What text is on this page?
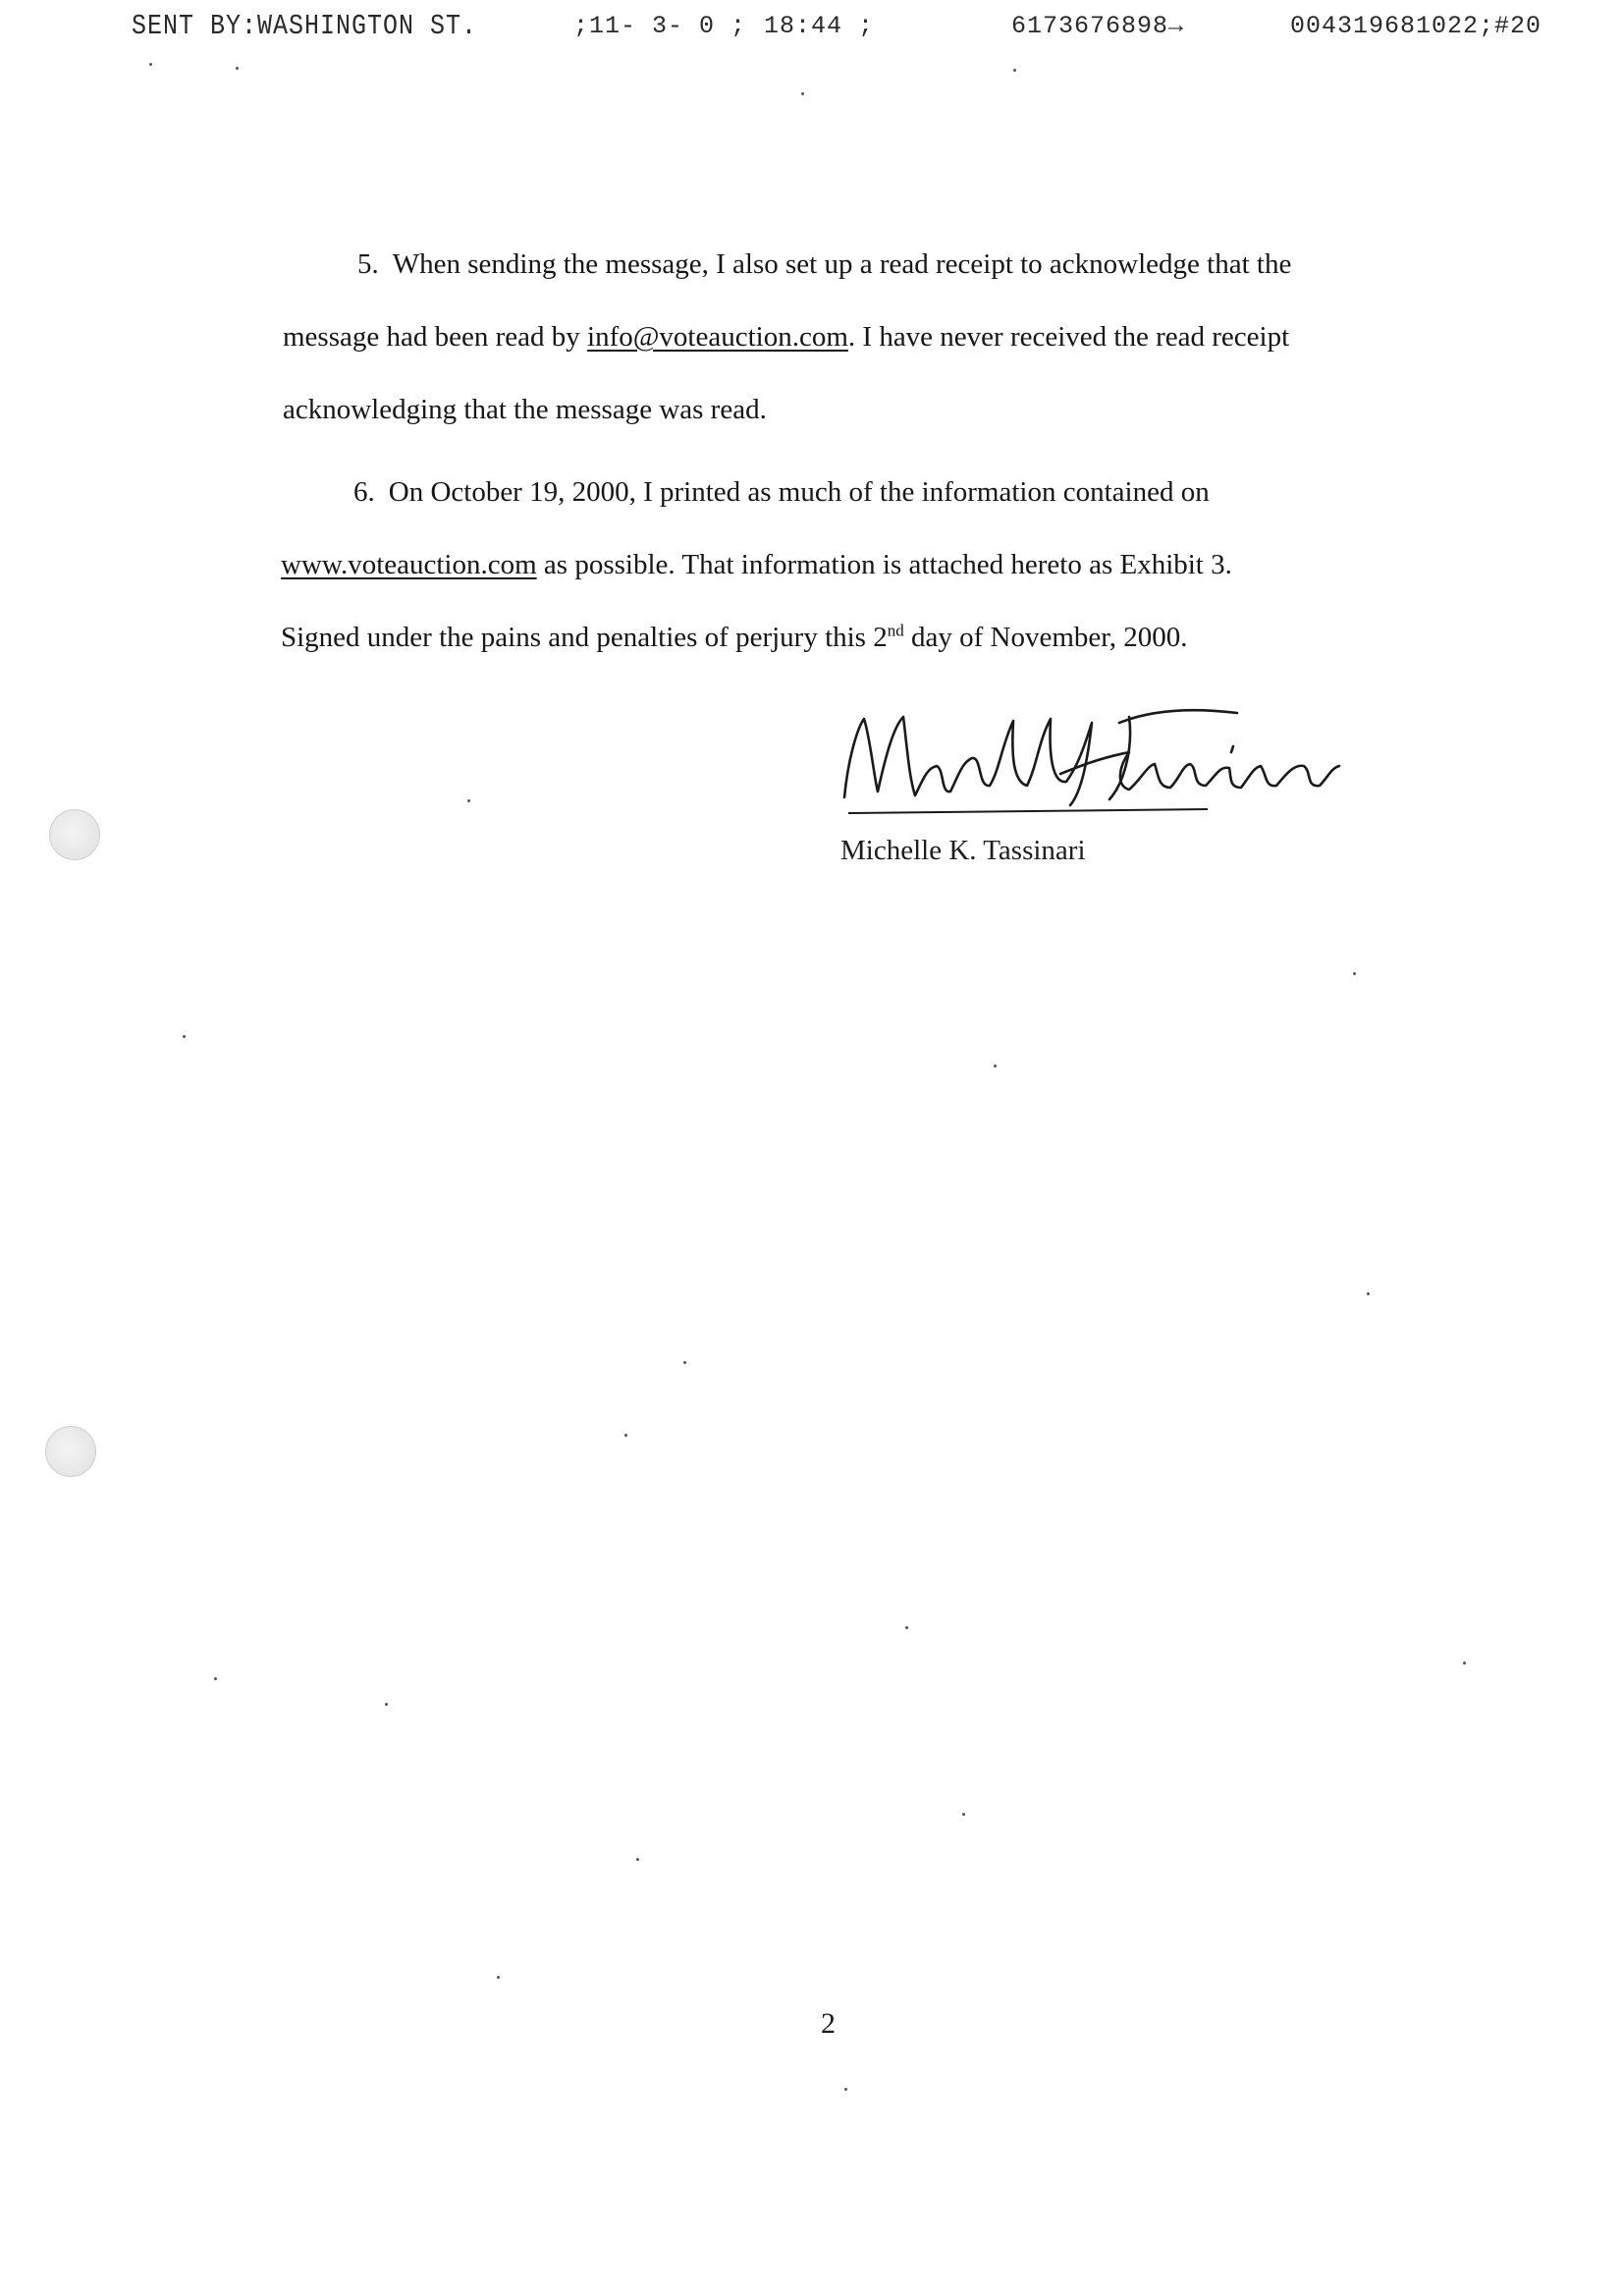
SENT BY:WASHINGTON ST.	;11- 3- 0 ; 18:44 ;	6173676898→	004319681022;#20
5. When sending the message, I also set up a read receipt to acknowledge that the
message had been read by info@voteauction.com. I have never received the read receipt
acknowledging that the message was read.
6. On October 19, 2000, I printed as much of the information contained on
www.voteauction.com as possible. That information is attached hereto as Exhibit 3.
Signed under the pains and penalties of perjury this 2nd day of November, 2000.
Michelle K. Tassinari
2
